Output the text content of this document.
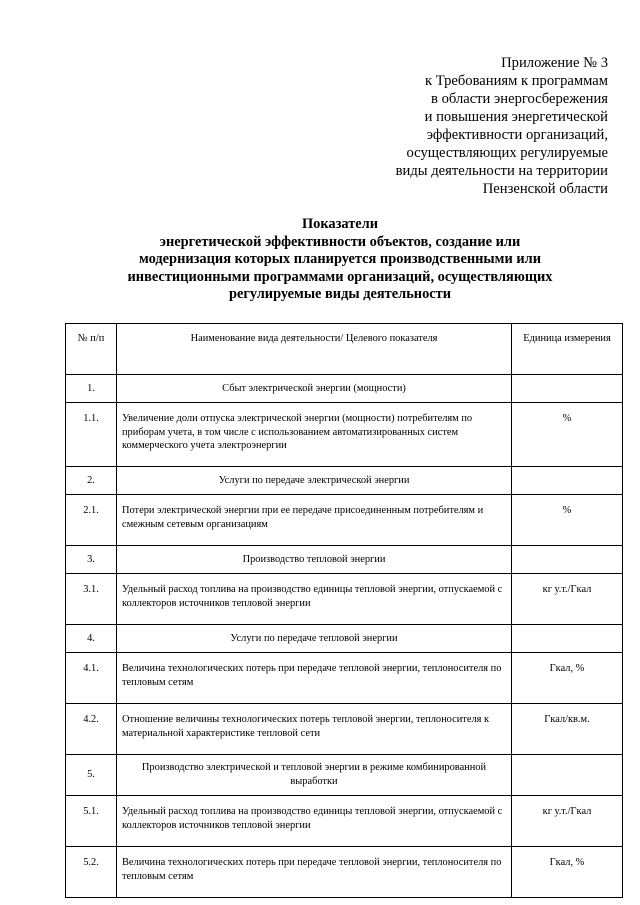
Приложение № 3
к Требованиям к программам
в области энергосбережения
и повышения энергетической
эффективности организаций,
осуществляющих регулируемые
виды деятельности на территории
Пензенской области
Показатели
энергетической эффективности объектов, создание или
модернизация которых планируется производственными или
инвестиционными программами организаций, осуществляющих
регулируемые виды деятельности
№ п/п	Наименование вида деятельности/ Целевого показателя	Единица измерения
1.	Сбыт электрической энергии (мощности)	
1.1.	Увеличение доли отпуска электрической энергии (мощности) потребителям по приборам учета, в том числе с использованием автоматизированных систем коммерческого учета электроэнергии	%
2.	Услуги по передаче электрической энергии	
2.1.	Потери электрической энергии при ее передаче присоединенным потребителям и смежным сетевым организациям	%
3.	Производство тепловой энергии	
3.1.	Удельный расход топлива на производство единицы тепловой энергии, отпускаемой с коллекторов источников тепловой энергии	кг у.т./Гкал
4.	Услуги по передаче тепловой энергии	
4.1.	Величина технологических потерь при передаче тепловой энергии, теплоносителя по тепловым сетям	Гкал, %
4.2.	Отношение величины технологических потерь тепловой энергии, теплоносителя к материальной характеристике тепловой сети	Гкал/кв.м.
5.	Производство электрической и тепловой энергии в режиме комбинированной выработки	
5.1.	Удельный расход топлива на производство единицы тепловой энергии, отпускаемой с коллекторов источников тепловой энергии	кг у.т./Гкал
5.2.	Величина технологических потерь при передаче тепловой энергии, теплоносителя по тепловым сетям	Гкал, %
